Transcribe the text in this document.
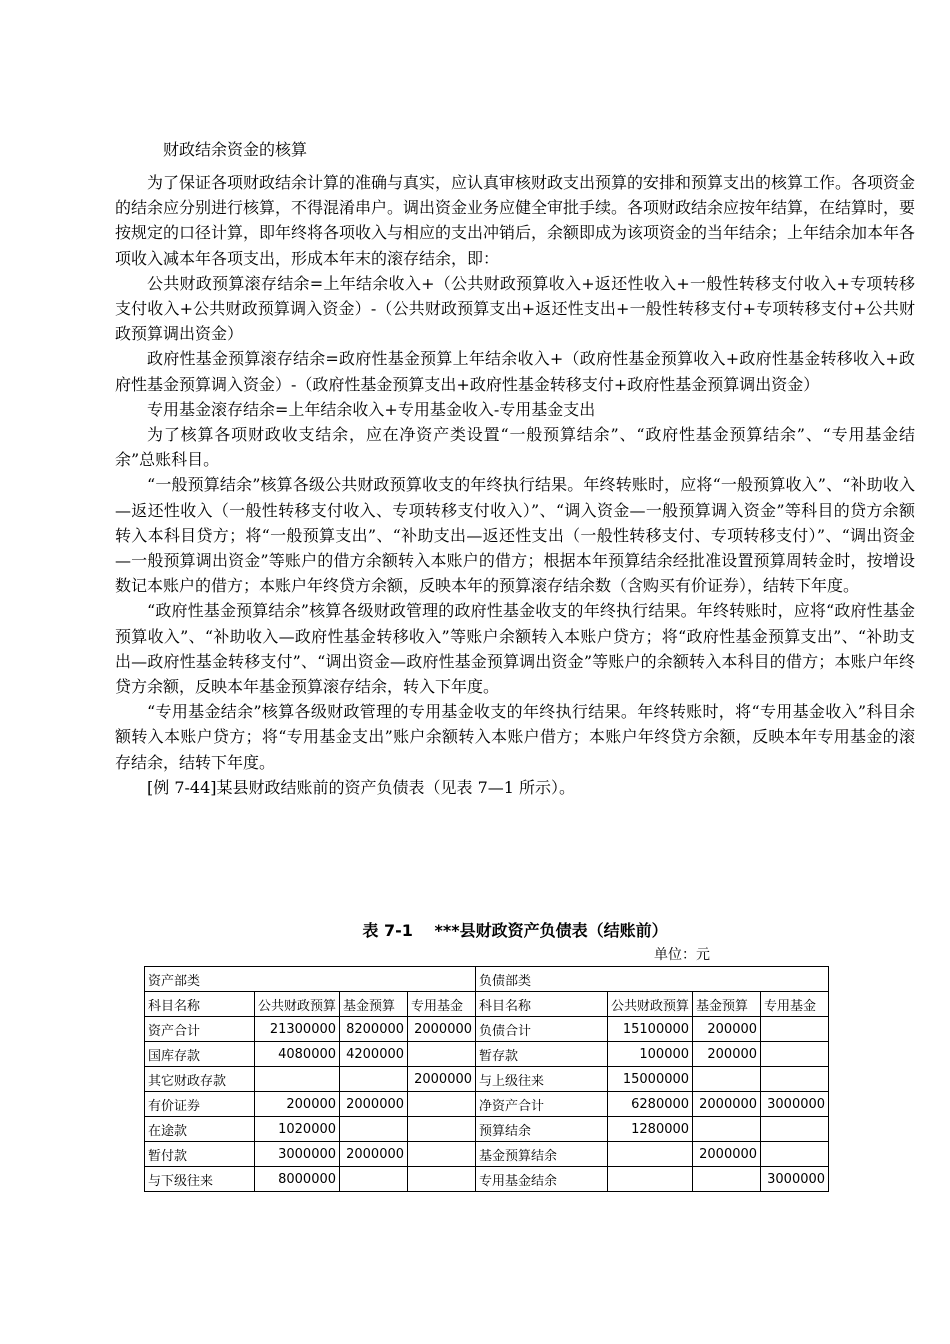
财政结余资金的核算

为了保证各项财政结余计算的准确与真实，应认真审核财政支出预算的安排和预算支出的核算工作。各项资金的结余应分别进行核算，不得混淆串户。调出资金业务应健全审批手续。各项财政结余应按年结算，在结算时，要按规定的口径计算，即年终将各项收入与相应的支出冲销后，余额即成为该项资金的当年结余；上年结余加本年各项收入减本年各项支出，形成本年末的滚存结余，即：

公共财政预算滚存结余=上年结余收入+（公共财政预算收入+返还性收入+一般性转移支付收入+专项转移支付收入+公共财政预算调入资金）-（公共财政预算支出+返还性支出+一般性转移支付+专项转移支付+公共财政预算调出资金）

政府性基金预算滚存结余=政府性基金预算上年结余收入+（政府性基金预算收入+政府性基金转移收入+政府性基金预算调入资金）-（政府性基金预算支出+政府性基金转移支付+政府性基金预算调出资金）

专用基金滚存结余=上年结余收入+专用基金收入-专用基金支出

为了核算各项财政收支结余，应在净资产类设置“一般预算结余”、“政府性基金预算结余”、“专用基金结余”总账科目。

“一般预算结余”核算各级公共财政预算收支的年终执行结果。年终转账时，应将“一般预算收入”、“补助收入—返还性收入（一般性转移支付收入、专项转移支付收入）”、“调入资金—一般预算调入资金”等科目的贷方余额转入本科目贷方；将“一般预算支出”、“补助支出—返还性支出（一般性转移支付、专项转移支付）”、“调出资金—一般预算调出资金”等账户的借方余额转入本账户的借方；根据本年预算结余经批准设置预算周转金时，按增设数记本账户的借方；本账户年终贷方余额，反映本年的预算滚存结余数（含购买有价证券），结转下年度。

“政府性基金预算结余”核算各级财政管理的政府性基金收支的年终执行结果。年终转账时，应将“政府性基金预算收入”、“补助收入—政府性基金转移收入”等账户余额转入本账户贷方；将“政府性基金预算支出”、“补助支出—政府性基金转移支付”、“调出资金—政府性基金预算调出资金”等账户的余额转入本科目的借方；本账户年终贷方余额，反映本年基金预算滚存结余，转入下年度。

“专用基金结余”核算各级财政管理的专用基金收支的年终执行结果。年终转账时，将“专用基金收入”科目余额转入本账户贷方；将“专用基金支出”账户余额转入本账户借方；本账户年终贷方余额，反映本年专用基金的滚存结余，结转下年度。

[例 7-44]某县财政结账前的资产负债表（见表 7—1 所示）。

表 7-1　 ***县财政资产负债表（结账前）
单位：元
资产部类				负债部类			
科目名称	公共财政预算	基金预算	专用基金	科目名称	公共财政预算	基金预算	专用基金
资产合计	21300000	8200000	2000000	负债合计	15100000	200000	
国库存款	4080000	4200000		暂存款	100000	200000	
其它财政存款			2000000	与上级往来	15000000		
有价证券	200000	2000000		净资产合计	6280000	2000000	3000000
在途款	1020000			预算结余	1280000		
暂付款	3000000	2000000		基金预算结余		2000000	
与下级往来	8000000			专用基金结余			3000000
